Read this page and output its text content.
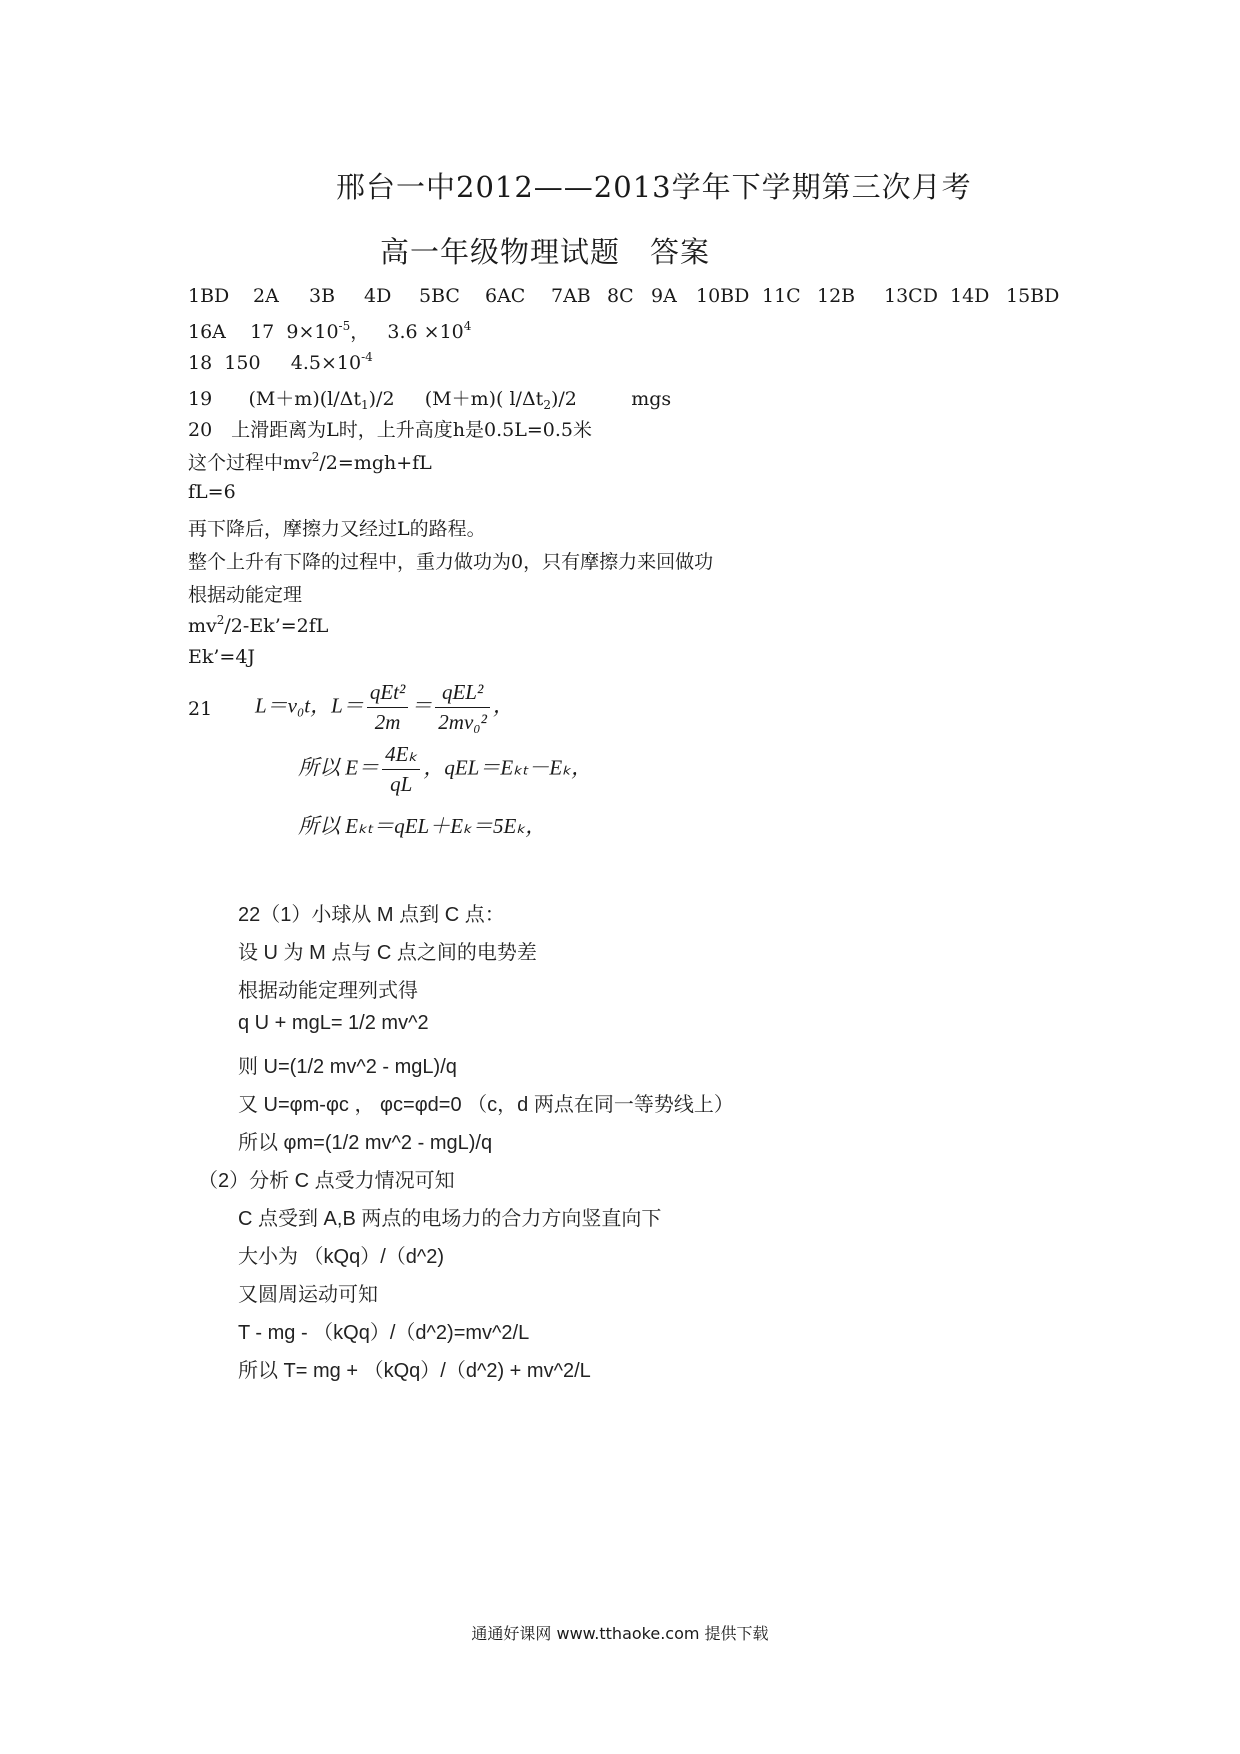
邢台一中2012——2013学年下学期第三次月考
高一年级物理试题　答案
1BD 2A 3B 4D 5BC 6AC 7AB 8C 9A 10BD 11C 12B 13CD 14D 15BD
16A 17 $9\times 10^{-5}$， $3.6 \times 10^4$
18 150 $4.5\times 10^{-4}$
19 $(M+m)(l/\Delta t_1)/2$ (M＋m)( $l/\Delta t_2)/2$	mgs
20　上滑距离为L时，上升高度h是0.5L=0.5米
这个过程中$mv^2/2=mgh+fL$
fL=6
再下降后，摩擦力又经过L的路程。
整个上升有下降的过程中，重力做功为0，只有摩擦力来回做功
根据动能定理
$mv^2/2-Ek’=2fL$
Ek’=4J
21 L＝v₀t，$L= \frac{\text{qEt²}}{2m} = \frac{\text{qEL²}}{\text{2mv₀²}}$ ，
所以 $E= \frac{\text{4Eₖ}}{qL}$ ，qEL＝Eₖₜ－Eₖ，
所以 Eₖₜ＝qEL＋Eₖ＝5Eₖ，
22（1）小球从 M 点到 C 点：
设 U 为 M 点与 C 点之间的电势差
根据动能定理列式得
q U + mgL= 1/2 mv^2
则 U=(1/2 mv^2 - mgL)/q
又 U=φm-φc ， φc=φd=0 （c，d 两点在同一等势线上）
所以 φm=(1/2 mv^2 - mgL)/q
（2）分析 C 点受力情况可知
C 点受到 A,B 两点的电场力的合力方向竖直向下
大小为 （kQq）/（d^2)
又圆周运动可知
T - mg - （kQq）/（d^2)=mv^2/L
所以 T= mg + （kQq）/（d^2) + mv^2/L
通通好课网 www.tthaoke.com 提供下载
